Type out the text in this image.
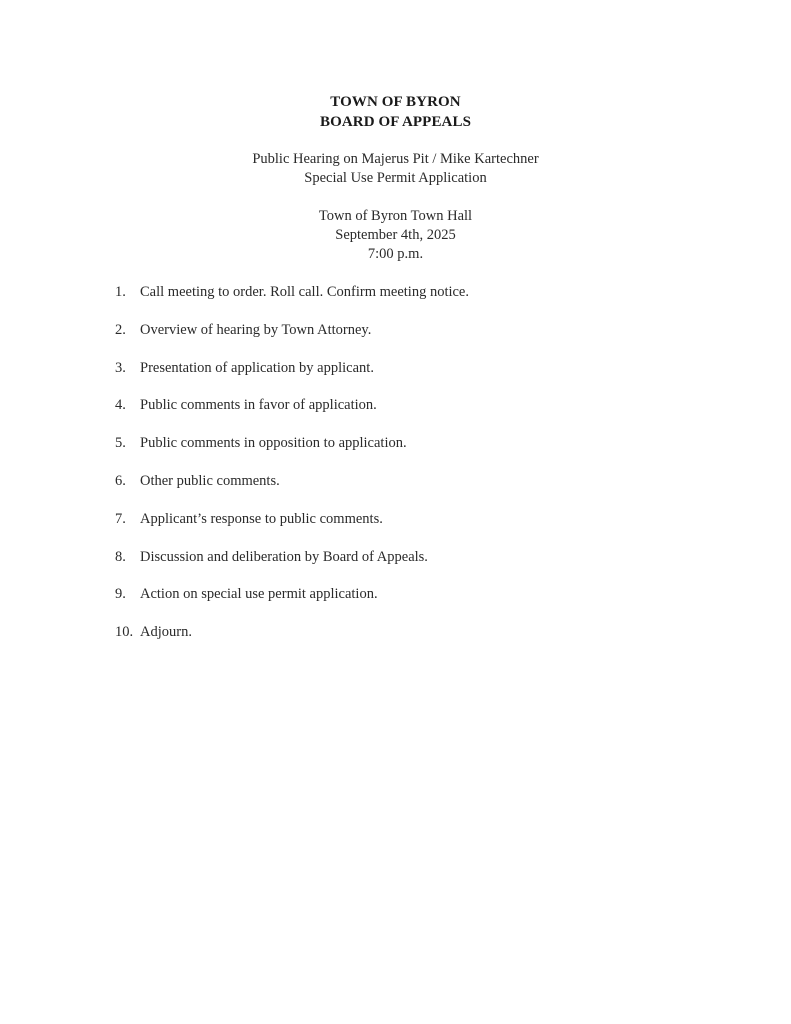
TOWN OF BYRON
BOARD OF APPEALS
Public Hearing on Majerus Pit / Mike Kartechner
Special Use Permit Application
Town of Byron Town Hall
September 4th, 2025
7:00 p.m.
1. Call meeting to order. Roll call. Confirm meeting notice.
2. Overview of hearing by Town Attorney.
3. Presentation of application by applicant.
4. Public comments in favor of application.
5. Public comments in opposition to application.
6. Other public comments.
7. Applicant’s response to public comments.
8. Discussion and deliberation by Board of Appeals.
9. Action on special use permit application.
10. Adjourn.
